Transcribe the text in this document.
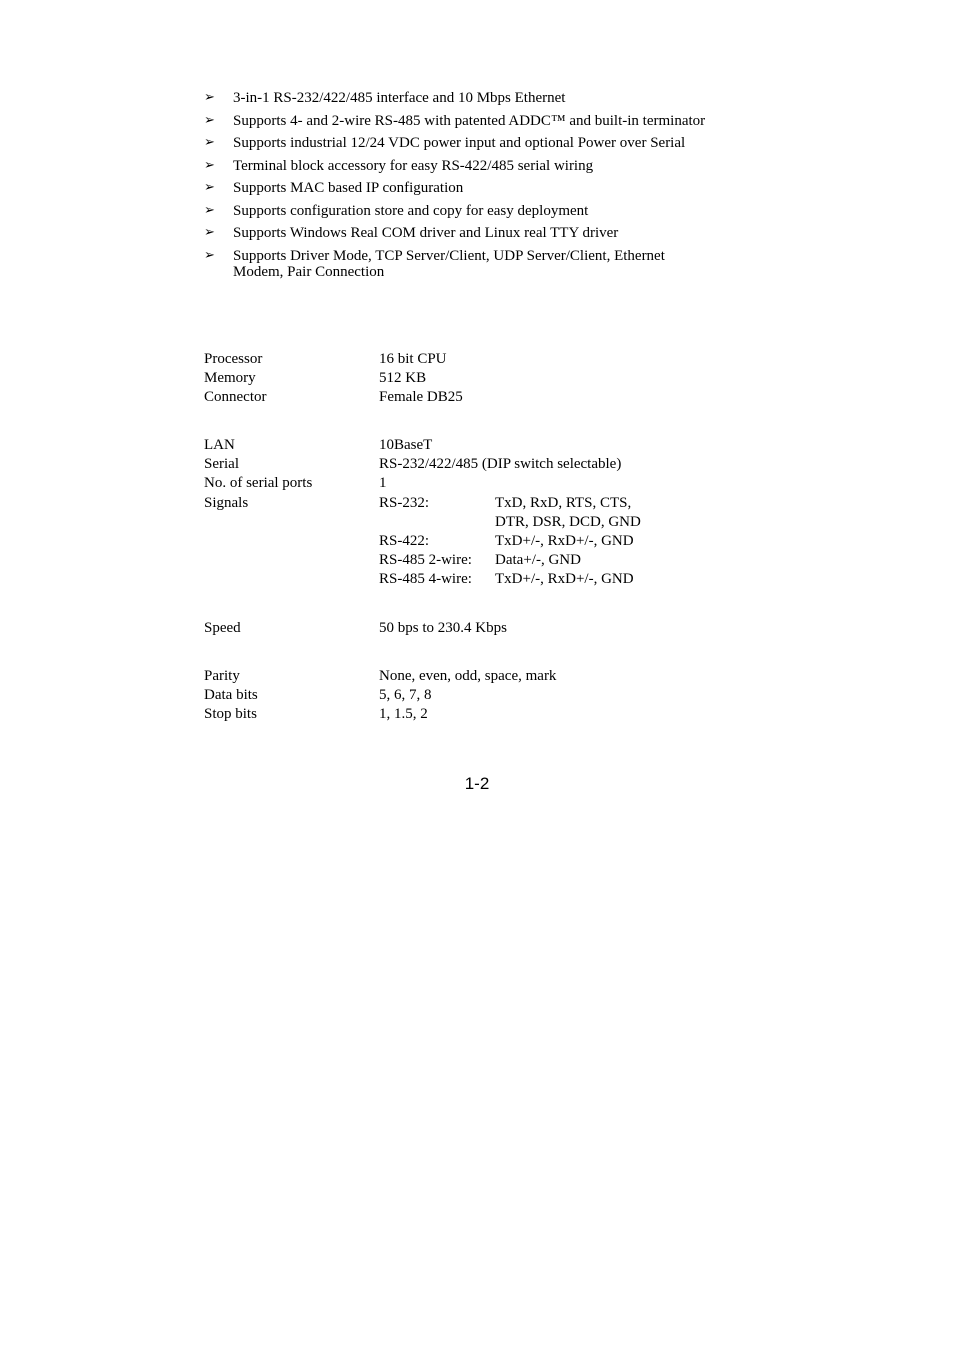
➢ 3-in-1 RS-232/422/485 interface and 10 Mbps Ethernet
➢ Supports 4- and 2-wire RS-485 with patented ADDC™ and built-in terminator
➢ Supports industrial 12/24 VDC power input and optional Power over Serial
➢ Terminal block accessory for easy RS-422/485 serial wiring
➢ Supports MAC based IP configuration
➢ Supports configuration store and copy for easy deployment
➢ Supports Windows Real COM driver and Linux real TTY driver
➢ Supports Driver Mode, TCP Server/Client, UDP Server/Client, Ethernet Modem, Pair Connection
Processor	16 bit CPU
Memory	512 KB
Connector	Female DB25
LAN	10BaseT
Serial	RS-232/422/485 (DIP switch selectable)
No. of serial ports	1
Signals	RS-232:	TxD, RxD, RTS, CTS,
DTR, DSR, DCD, GND
RS-422:	TxD+/-, RxD+/-, GND
RS-485 2-wire: Data+/-, GND
RS-485 4-wire: TxD+/-, RxD+/-, GND
Speed	50 bps to 230.4 Kbps
Parity	None, even, odd, space, mark
Data bits	5, 6, 7, 8
Stop bits	1, 1.5, 2
1-2
